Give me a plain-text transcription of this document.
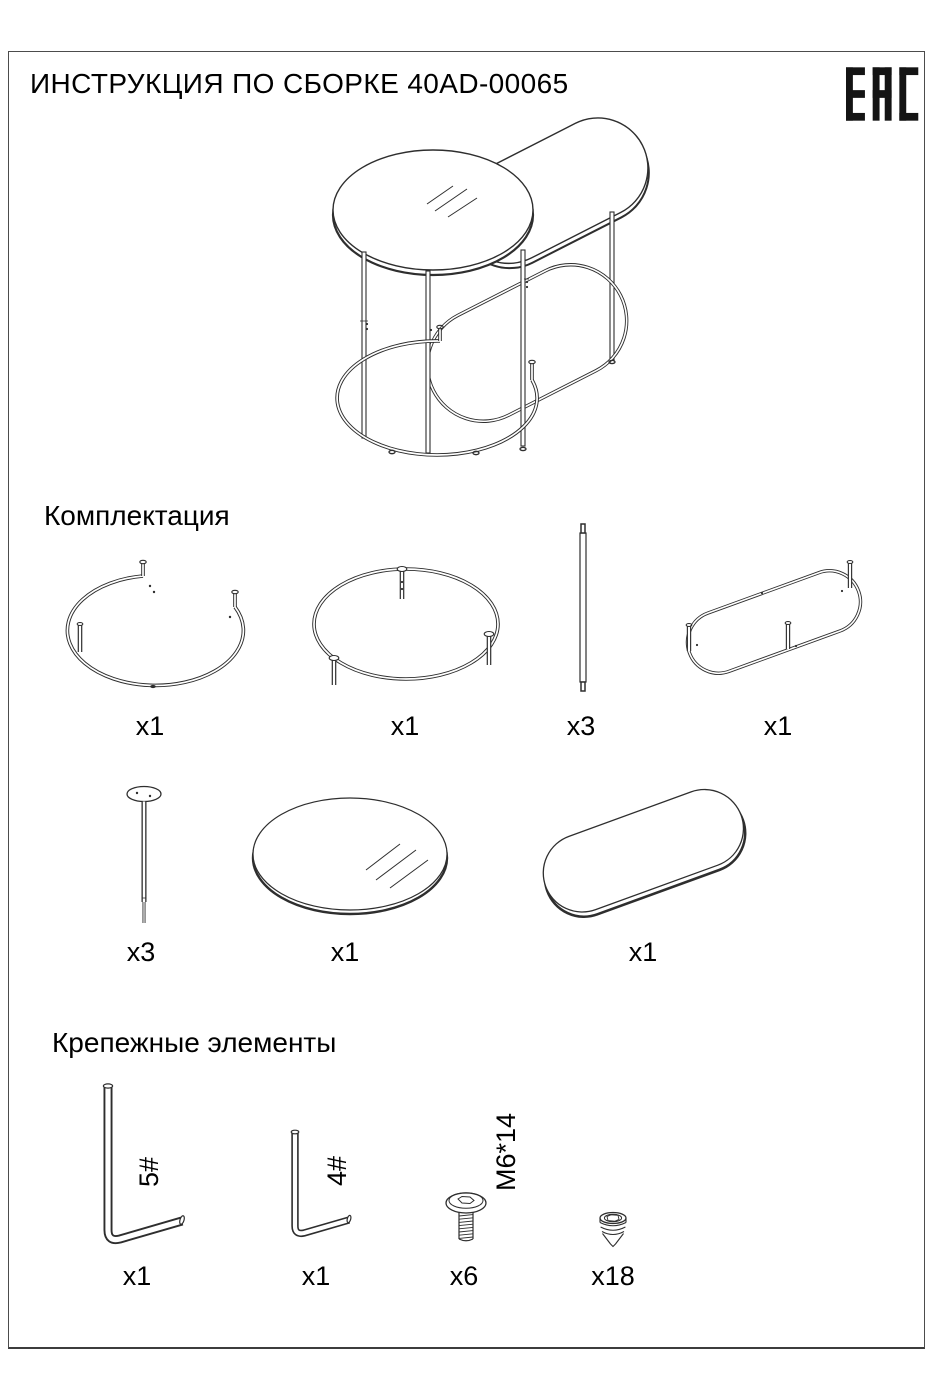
ИНСТРУКЦИЯ ПО СБОРКЕ 40AD-00065
Комплектация
x1	x1	x3	x1
x3	x1	x1
Крепежные элементы
5#
x1
4#
x1
M6*14
x6	x18
